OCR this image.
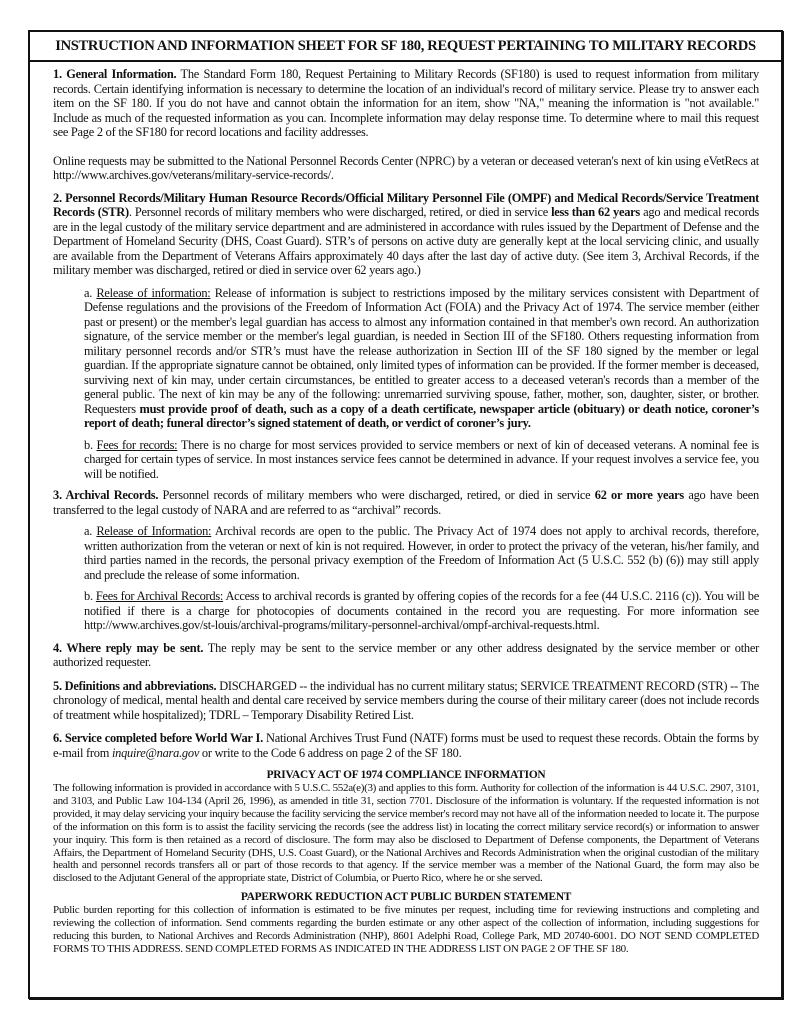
INSTRUCTION AND INFORMATION SHEET FOR SF 180, REQUEST PERTAINING TO MILITARY RECORDS

1. General Information. The Standard Form 180, Request Pertaining to Military Records (SF180) is used to request information from military records. Certain identifying information is necessary to determine the location of an individual's record of military service. Please try to answer each item on the SF 180. If you do not have and cannot obtain the information for an item, show "NA," meaning the information is "not available." Include as much of the requested information as you can. Incomplete information may delay response time. To determine where to mail this request see Page 2 of the SF180 for record locations and facility addresses.

Online requests may be submitted to the National Personnel Records Center (NPRC) by a veteran or deceased veteran's next of kin using eVetRecs at http://www.archives.gov/veterans/military-service-records/.

2. Personnel Records/Military Human Resource Records/Official Military Personnel File (OMPF) and Medical Records/Service Treatment Records (STR). Personnel records of military members who were discharged, retired, or died in service less than 62 years ago and medical records are in the legal custody of the military service department and are administered in accordance with rules issued by the Department of Defense and the Department of Homeland Security (DHS, Coast Guard). STR’s of persons on active duty are generally kept at the local servicing clinic, and usually are available from the Department of Veterans Affairs approximately 40 days after the last day of active duty. (See item 3, Archival Records, if the military member was discharged, retired or died in service over 62 years ago.)

a. Release of information: Release of information is subject to restrictions imposed by the military services consistent with Department of Defense regulations and the provisions of the Freedom of Information Act (FOIA) and the Privacy Act of 1974. The service member (either past or present) or the member's legal guardian has access to almost any information contained in that member's own record. An authorization signature, of the service member or the member's legal guardian, is needed in Section III of the SF180. Others requesting information from military personnel records and/or STR’s must have the release authorization in Section III of the SF 180 signed by the member or legal guardian. If the appropriate signature cannot be obtained, only limited types of information can be provided. If the former member is deceased, surviving next of kin may, under certain circumstances, be entitled to greater access to a deceased veteran's records than a member of the general public. The next of kin may be any of the following: unremarried surviving spouse, father, mother, son, daughter, sister, or brother. Requesters must provide proof of death, such as a copy of a death certificate, newspaper article (obituary) or death notice, coroner’s report of death; funeral director’s signed statement of death, or verdict of coroner’s jury.

b. Fees for records: There is no charge for most services provided to service members or next of kin of deceased veterans. A nominal fee is charged for certain types of service. In most instances service fees cannot be determined in advance. If your request involves a service fee, you will be notified.

3. Archival Records. Personnel records of military members who were discharged, retired, or died in service 62 or more years ago have been transferred to the legal custody of NARA and are referred to as “archival” records.

a. Release of Information: Archival records are open to the public. The Privacy Act of 1974 does not apply to archival records, therefore, written authorization from the veteran or next of kin is not required. However, in order to protect the privacy of the veteran, his/her family, and third parties named in the records, the personal privacy exemption of the Freedom of Information Act (5 U.S.C. 552 (b) (6)) may still apply and preclude the release of some information.

b. Fees for Archival Records: Access to archival records is granted by offering copies of the records for a fee (44 U.S.C. 2116 (c)). You will be notified if there is a charge for photocopies of documents contained in the record you are requesting. For more information see http://www.archives.gov/st-louis/archival-programs/military-personnel-archival/ompf-archival-requests.html.

4. Where reply may be sent. The reply may be sent to the service member or any other address designated by the service member or other authorized requester.

5. Definitions and abbreviations. DISCHARGED -- the individual has no current military status; SERVICE TREATMENT RECORD (STR) -- The chronology of medical, mental health and dental care received by service members during the course of their military career (does not include records of treatment while hospitalized); TDRL – Temporary Disability Retired List.

6. Service completed before World War I. National Archives Trust Fund (NATF) forms must be used to request these records. Obtain the forms by e-mail from inquire@nara.gov or write to the Code 6 address on page 2 of the SF 180.

PRIVACY ACT OF 1974 COMPLIANCE INFORMATION

The following information is provided in accordance with 5 U.S.C. 552a(e)(3) and applies to this form. Authority for collection of the information is 44 U.S.C. 2907, 3101, and 3103, and Public Law 104-134 (April 26, 1996), as amended in title 31, section 7701. Disclosure of the information is voluntary. If the requested information is not provided, it may delay servicing your inquiry because the facility servicing the service member's record may not have all of the information needed to locate it. The purpose of the information on this form is to assist the facility servicing the records (see the address list) in locating the correct military service record(s) or information to answer your inquiry. This form is then retained as a record of disclosure. The form may also be disclosed to Department of Defense components, the Department of Veterans Affairs, the Department of Homeland Security (DHS, U.S. Coast Guard), or the National Archives and Records Administration when the original custodian of the military health and personnel records transfers all or part of those records to that agency. If the service member was a member of the National Guard, the form may also be disclosed to the Adjutant General of the appropriate state, District of Columbia, or Puerto Rico, where he or she served.

PAPERWORK REDUCTION ACT PUBLIC BURDEN STATEMENT

Public burden reporting for this collection of information is estimated to be five minutes per request, including time for reviewing instructions and completing and reviewing the collection of information. Send comments regarding the burden estimate or any other aspect of the collection of information, including suggestions for reducing this burden, to National Archives and Records Administration (NHP), 8601 Adelphi Road, College Park, MD 20740-6001. DO NOT SEND COMPLETED FORMS TO THIS ADDRESS. SEND COMPLETED FORMS AS INDICATED IN THE ADDRESS LIST ON PAGE 2 OF THE SF 180.
